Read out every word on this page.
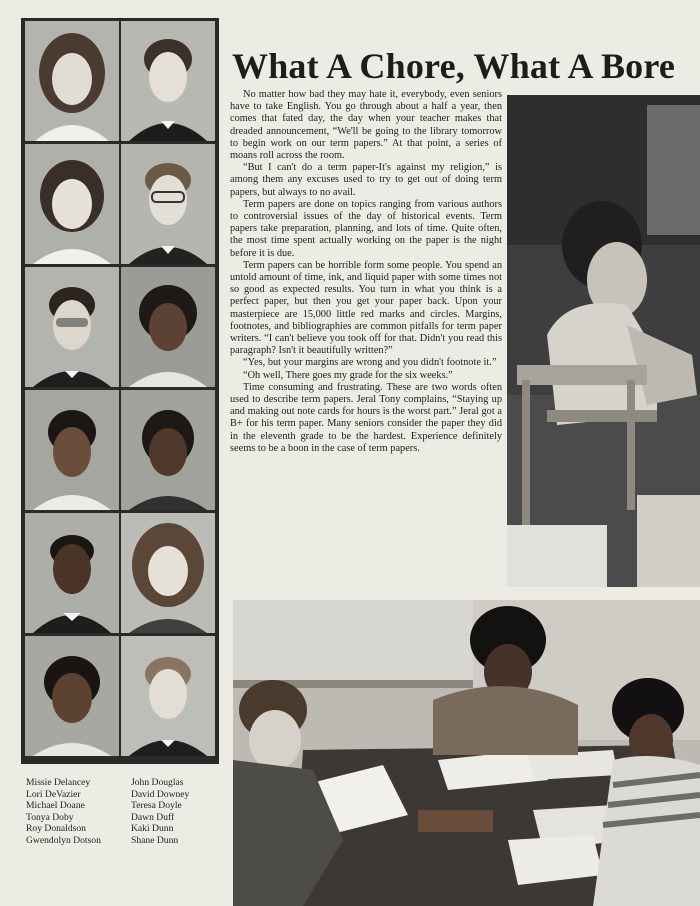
Missie Delancey
Lori DeVazier
Michael Doane
Tonya Doby
Roy Donaldson
Gwendolyn Dotson
John Douglas
David Downey
Teresa Doyle
Dawn Duff
Kaki Dunn
Shane Dunn
What A Chore, What A Bore

No matter how bad they may hate it, everybody, even seniors have to take English. You go through about a half a year, then comes that fated day, the day when your teacher makes that dreaded announcement, “We'll be going to the library tomorrow to begin work on our term papers.” At that point, a series of moans roll across the room.

“But I can't do a term paper-It's against my religion,” is among them any excuses used to try to get out of doing term papers, but always to no avail.

Term papers are done on topics ranging from various authors to controversial issues of the day of historical events. Term papers take preparation, planning, and lots of time. Quite often, the most time spent actually working on the paper is the night before it is due.

Term papers can be horrible form some people. You spend an untold amount of time, ink, and liquid paper with some times not so good as expected results. You turn in what you think is a perfect paper, but then you get your paper back. Upon your masterpiece are 15,000 little red marks and circles. Margins, footnotes, and bibliographies are common pitfalls for term paper writers. “I can't believe you took off for that. Didn't you read this paragraph? Isn't it beautifully written?”

“Yes, but your margins are wrong and you didn't footnote it.”

“Oh well, There goes my grade for the six weeks.”

Time consuming and frustrating. These are two words often used to describe term papers. Jeral Tony complains, “Staying up and making out note cards for hours is the worst part.” Jeral got a B+ for his term paper. Many seniors consider the paper they did in the eleventh grade to be the hardest. Experience definitely seems to be a boon in the case of term papers.
